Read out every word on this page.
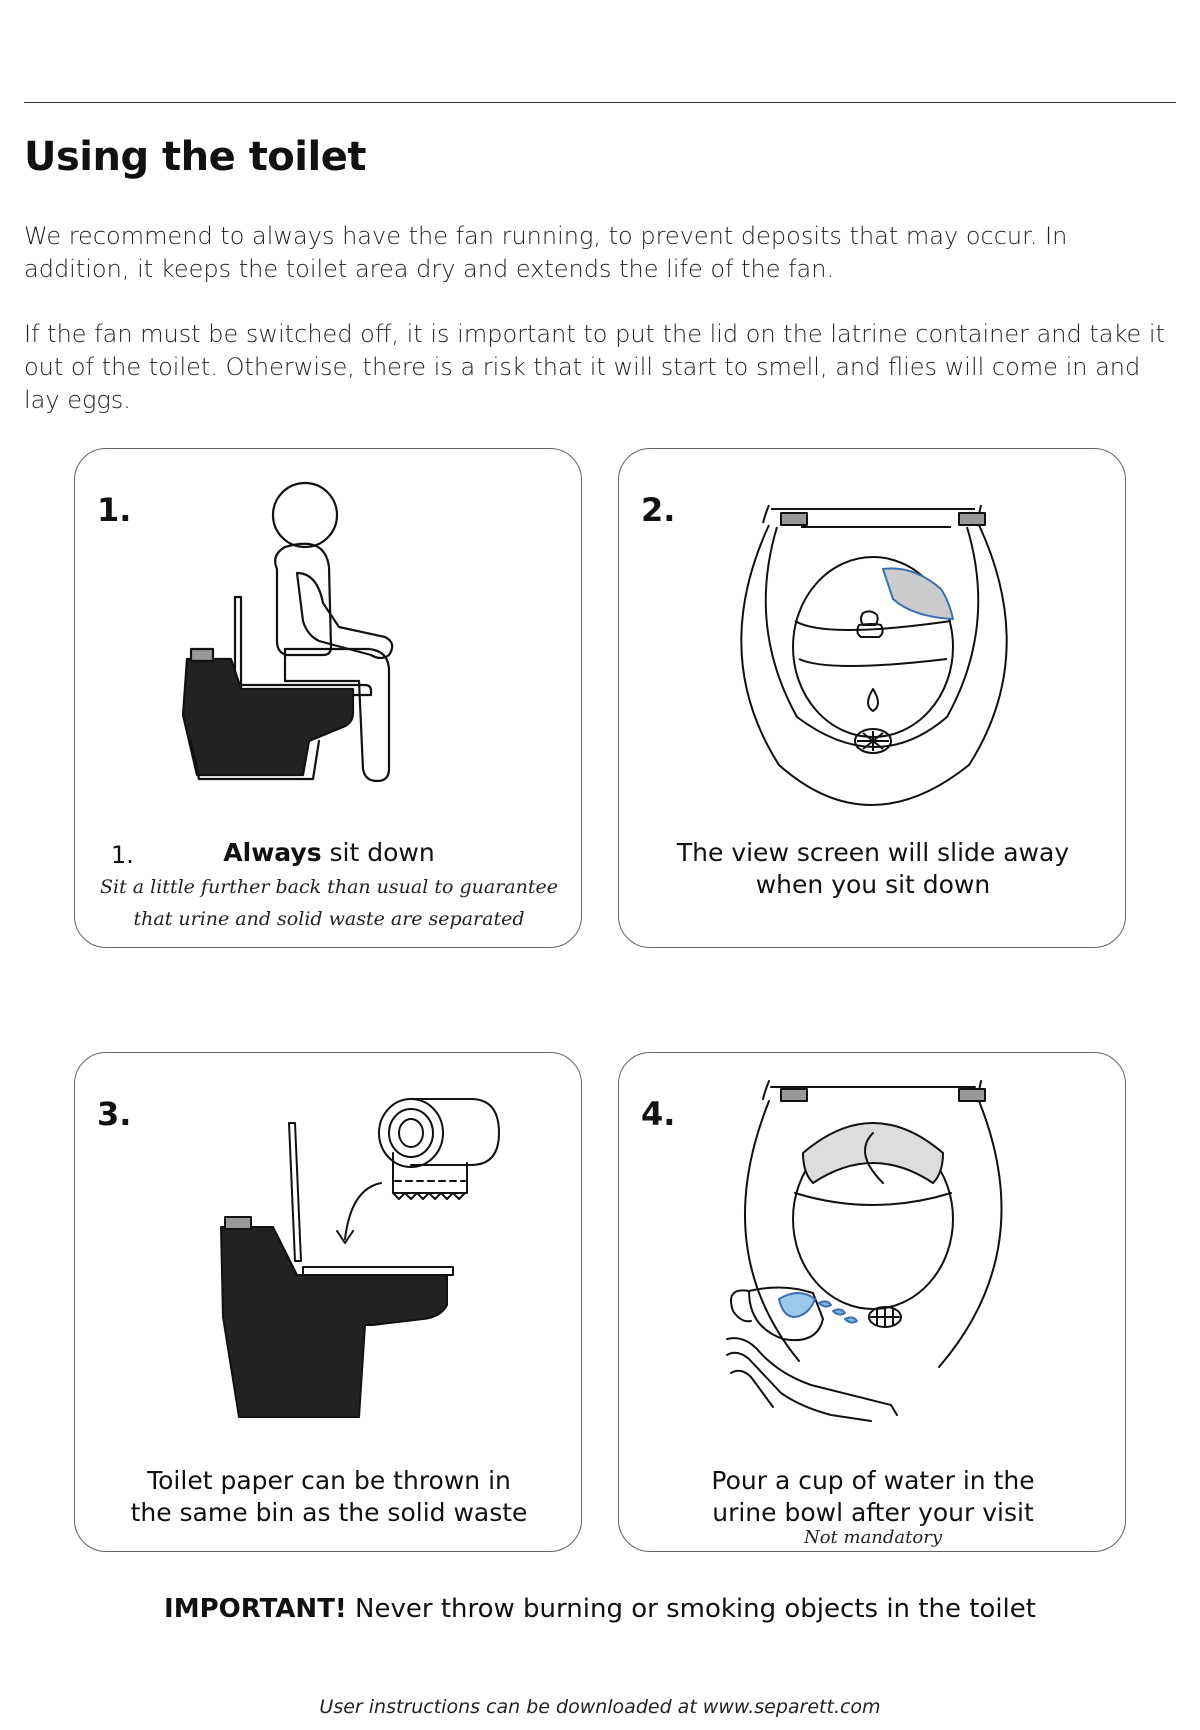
Using the toilet

We recommend to always have the fan running, to prevent deposits that may occur. In addition, it keeps the toilet area dry and extends the life of the fan.

If the fan must be switched off, it is important to put the lid on the latrine container and take it out of the toilet. Otherwise, there is a risk that it will start to smell, and flies will come in and lay eggs.

1.
1.	Always sit down
Sit a little further back than usual to guarantee
that urine and solid waste are separated
2.
The view screen will slide away
when you sit down
3.
Toilet paper can be thrown in
the same bin as the solid waste
4.
Pour a cup of water in the
urine bowl after your visit
Not mandatory
IMPORTANT! Never throw burning or smoking objects in the toilet
User instructions can be downloaded at www.separett.com
